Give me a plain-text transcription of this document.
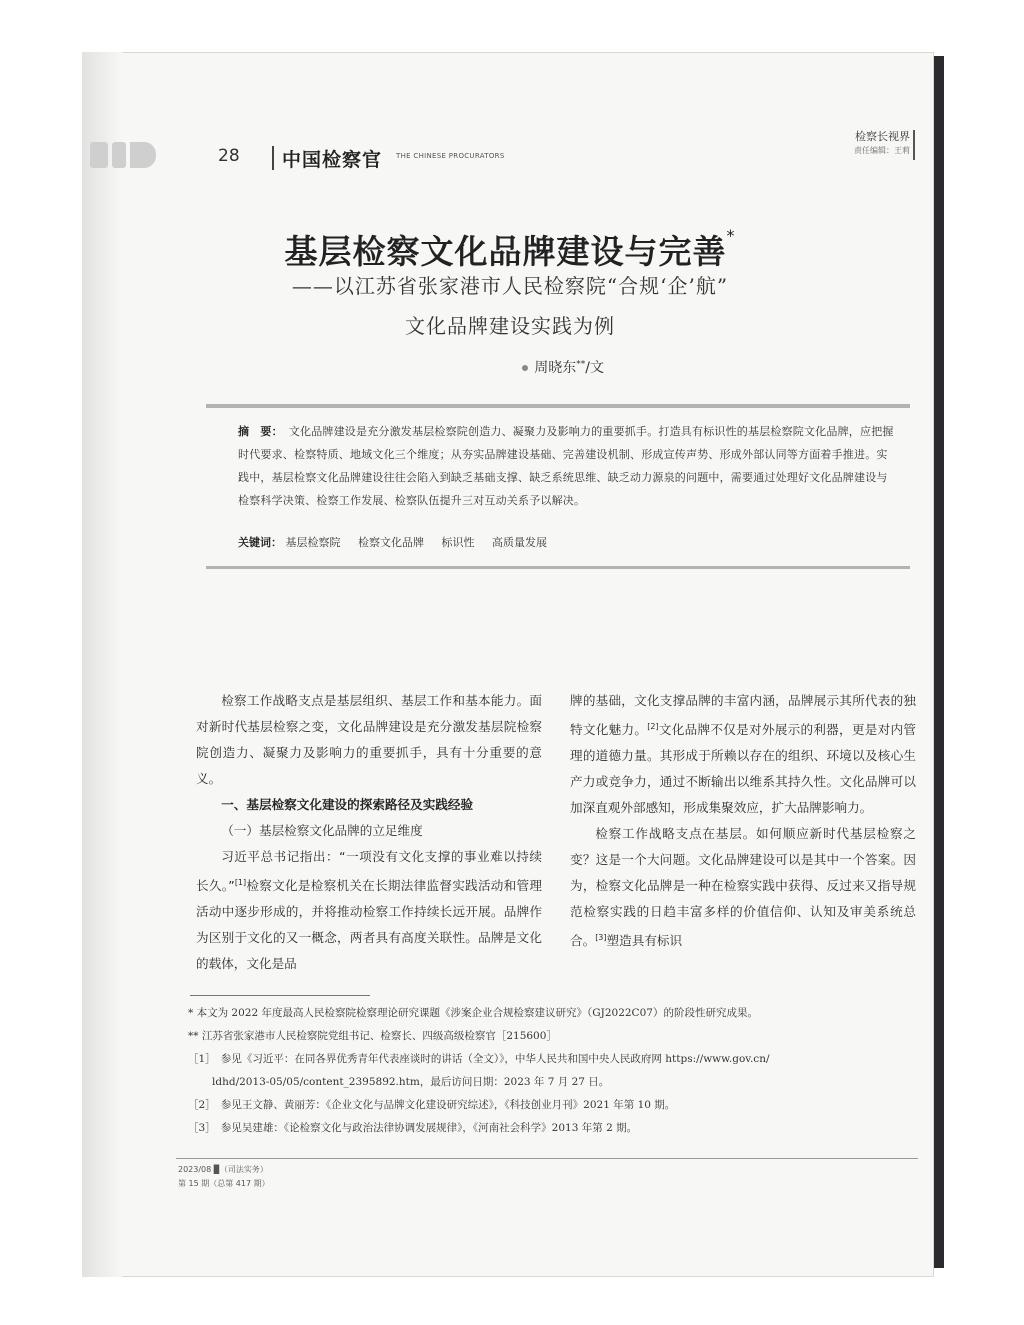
28 中国检察官 THE CHINESE PROCURATORS
检察长视界
责任编辑：王莉
基层检察文化品牌建设与完善*
——以江苏省张家港市人民检察院“合规‘企’航”
文化品牌建设实践为例
周晓东**/文
摘　要： 文化品牌建设是充分激发基层检察院创造力、凝聚力及影响力的重要抓手。打造具有标识性的基层检察院文化品牌，应把握时代要求、检察特质、地域文化三个维度；从夯实品牌建设基础、完善建设机制、形成宣传声势、形成外部认同等方面着手推进。实践中，基层检察文化品牌建设往往会陷入到缺乏基础支撑、缺乏系统思维、缺乏动力源泉的问题中，需要通过处理好文化品牌建设与检察科学决策、检察工作发展、检察队伍提升三对互动关系予以解决。
关键词： 基层检察院 检察文化品牌 标识性 高质量发展

检察工作战略支点是基层组织、基层工作和基本能力。面对新时代基层检察之变，文化品牌建设是充分激发基层院检察院创造力、凝聚力及影响力的重要抓手，具有十分重要的意义。

一、基层检察文化建设的探索路径及实践经验

（一）基层检察文化品牌的立足维度

习近平总书记指出：“一项没有文化支撑的事业难以持续长久。”[1]检察文化是检察机关在长期法律监督实践活动和管理活动中逐步形成的，并将推动检察工作持续长远开展。品牌作为区别于文化的又一概念，两者具有高度关联性。品牌是文化的载体，文化是品

牌的基础，文化支撑品牌的丰富内涵，品牌展示其所代表的独特文化魅力。[2]文化品牌不仅是对外展示的利器，更是对内管理的道德力量。其形成于所赖以存在的组织、环境以及核心生产力或竞争力，通过不断输出以维系其持久性。文化品牌可以加深直观外部感知，形成集聚效应，扩大品牌影响力。

检察工作战略支点在基层。如何顺应新时代基层检察之变？这是一个大问题。文化品牌建设可以是其中一个答案。因为，检察文化品牌是一种在检察实践中获得、反过来又指导规范检察实践的日趋丰富多样的价值信仰、认知及审美系统总合。[3]塑造具有标识

* 本文为 2022 年度最高人民检察院检察理论研究课题《涉案企业合规检察建议研究》（GJ2022C07）的阶段性研究成果。
** 江苏省张家港市人民检察院党组书记、检察长、四级高级检察官［215600］
［1］　参见《习近平：在同各界优秀青年代表座谈时的讲话（全文）》，中华人民共和国中央人民政府网 https://www.gov.cn/
ldhd/2013-05/05/content_2395892.htm，最后访问日期：2023 年 7 月 27 日。
［2］　参见王文静、黄丽芳：《企业文化与品牌文化建设研究综述》，《科技创业月刊》2021 年第 10 期。
［3］　参见吴建雄：《论检察文化与政治法律协调发展规律》，《河南社会科学》2013 年第 2 期。
2023/08 ▉（司法实务）
第 15 期（总第 417 期）
